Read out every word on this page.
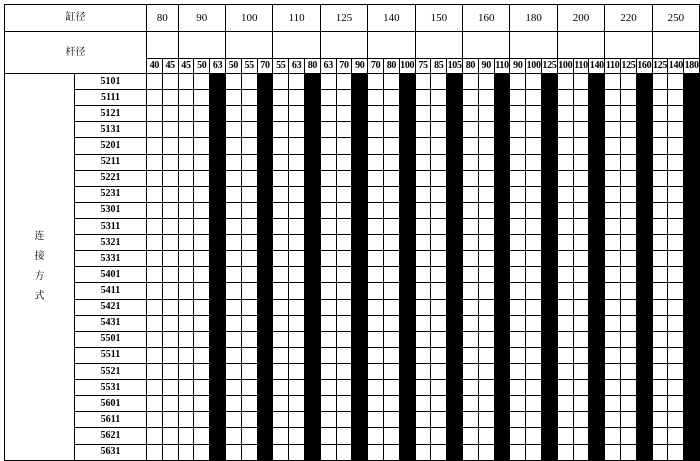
缸径		80		90			100			110			125			140			150			160			180			200			220			250		
杆径																																				
		40	45	45	50	63	50	55	70	55	63	80	63	70	90	70	80	100	75	85	105	80	90	110	90	100	125	100	110	140	110	125	160	125	140	180

连
接
方
式	5101																																			
	5111																																			
	5121																																			
	5131																																			
	5201																																			
	5211																																			
	5221																																			
	5231																																			
	5301																																			
	5311																																			
	5321																																			
	5331																																			
	5401																																			
	5411																																			
	5421																																			
	5431																																			
	5501																																			
	5511																																			
	5521																																			
	5531																																			
	5601																																			
	5611																																			
	5621																																			
	5631																																			
